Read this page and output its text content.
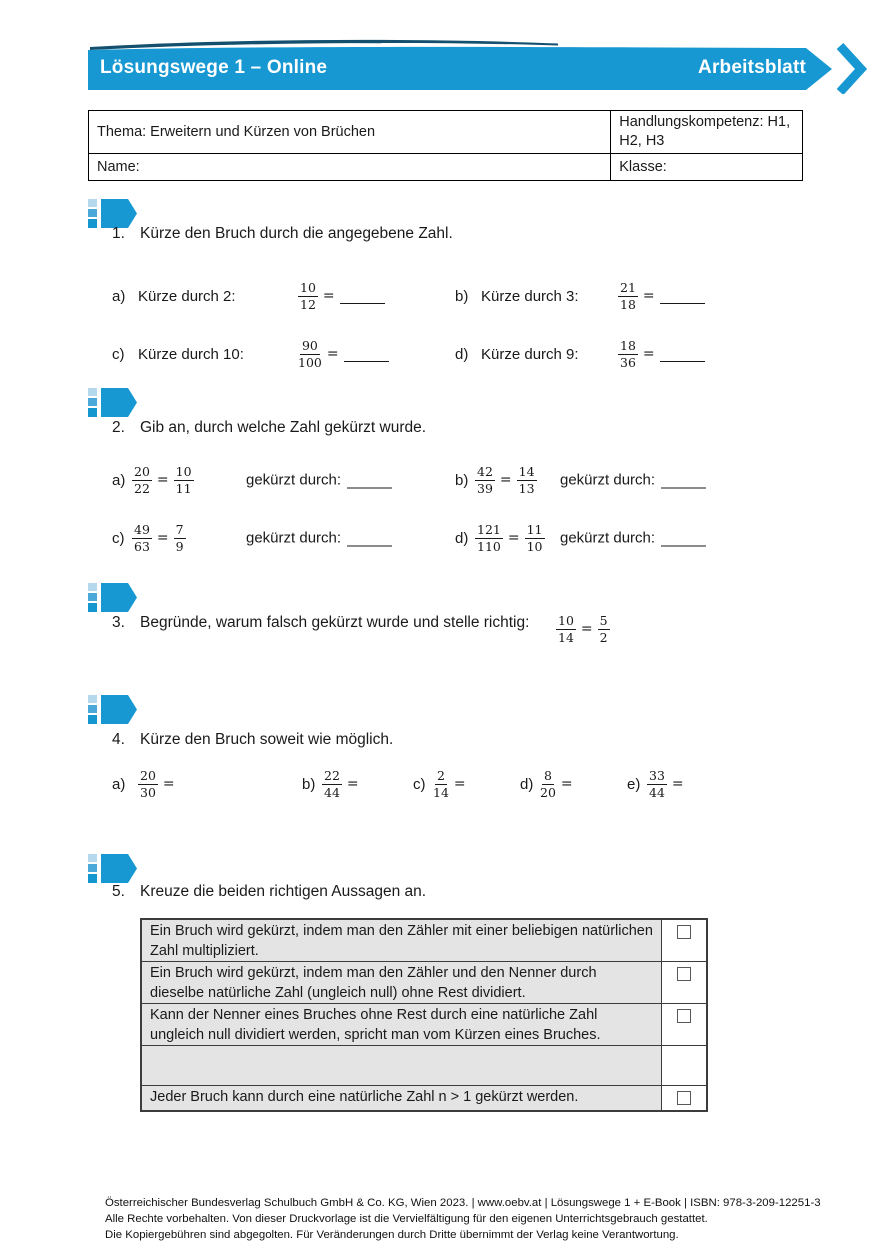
Lösungswege 1 – Online	Arbeitsblatt
Thema: Erweitern und Kürzen von Brüchen	Handlungskompetenz: H1, H2, H3
Name:	Klasse:
1. Kürze den Bruch durch die angegebene Zahl.
a) Kürze durch 2:	$\frac{10}{12}$ =	b) Kürze durch 3:	$\frac{21}{18}$ =
c) Kürze durch 10:	$\frac{90}{100}$ =	d) Kürze durch 9:	$\frac{18}{36}$ =
2. Gib an, durch welche Zahl gekürzt wurde.
$a) \frac{20}{22} = \frac{10}{11}$	gekürzt durch:	$b) \frac{42}{39} = \frac{14}{13}$ gekürzt durch:
$c) \frac{49}{63} = \frac{7}{9}$	gekürzt durch:	$d) \frac{121}{110} = \frac{11}{10}$ gekürzt durch:
3. Begründe, warum falsch gekürzt wurde und stelle richtig: $\frac{10}{14} = \frac{5}{2}$
4. Kürze den Bruch soweit wie möglich.
a)	$\frac{20}{30}$ =	$b) \frac{22}{44}$ =	$c) \frac{2}{14}$ =	$d) \frac{8}{20}$ =	$e) \frac{33}{44}$ =
5. Kreuze die beiden richtigen Aussagen an.
Ein Bruch wird gekürzt, indem man den Zähler mit einer beliebigen natürlichen Zahl multipliziert.	

Ein Bruch wird gekürzt, indem man den Zähler und den Nenner durch dieselbe natürliche Zahl (ungleich null) ohne Rest dividiert.	

Kann der Nenner eines Bruches ohne Rest durch eine natürliche Zahl ungleich null dividiert werden, spricht man vom Kürzen eines Bruches.	

Jeder Bruch kann durch eine natürliche Zahl n > 1 gekürzt werden.	
Österreichischer Bundesverlag Schulbuch GmbH & Co. KG, Wien 2023. | www.oebv.at | Lösungswege 1 + E-Book | ISBN: 978-3-209-12251-3
Alle Rechte vorbehalten. Von dieser Druckvorlage ist die Vervielfältigung für den eigenen Unterrichtsgebrauch gestattet.
Die Kopiergebühren sind abgegolten. Für Veränderungen durch Dritte übernimmt der Verlag keine Verantwortung.
